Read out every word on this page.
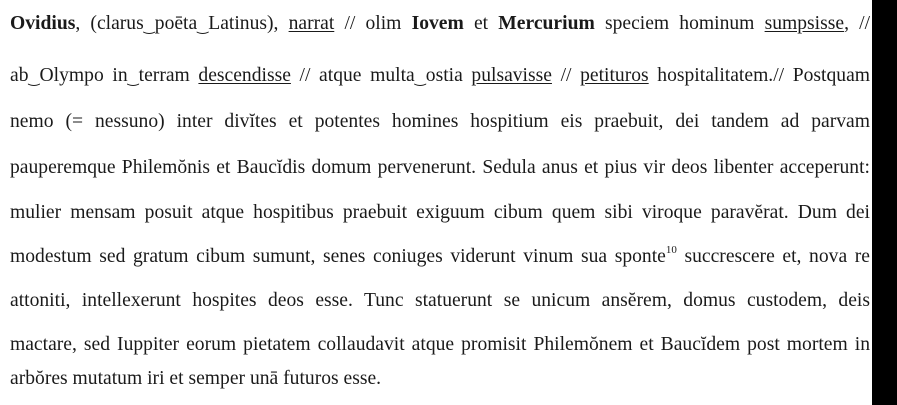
Ovidius, (clarus‿poēta‿Latinus), narrat // olim Iovem et Mercurium speciem hominum sumpsisse, //
ab‿Olympo in‿terram descendisse // atque multa‿ostia pulsavisse // petituros hospitalitatem.// Postquam
nemo (= nessuno) inter divĭtes et potentes homines hospitium eis praebuit, dei tandem ad parvam
pauperemque Philemŏnis et Baucĭdis domum pervenerunt. Sedula anus et pius vir deos libenter acceperunt:
mulier mensam posuit atque hospitibus praebuit exiguum cibum quem sibi viroque paravĕrat. Dum dei
modestum sed gratum cibum sumunt, senes coniuges viderunt vinum sua sponte$^{10}$ succrescere et, nova re
attoniti, intellexerunt hospites deos esse. Tunc statuerunt se unicum ansĕrem, domus custodem, deis
mactare, sed Iuppiter eorum pietatem collaudavit atque promisit Philemŏnem et Baucĭdem post mortem in
arbŏres mutatum iri et semper unā futuros esse.
